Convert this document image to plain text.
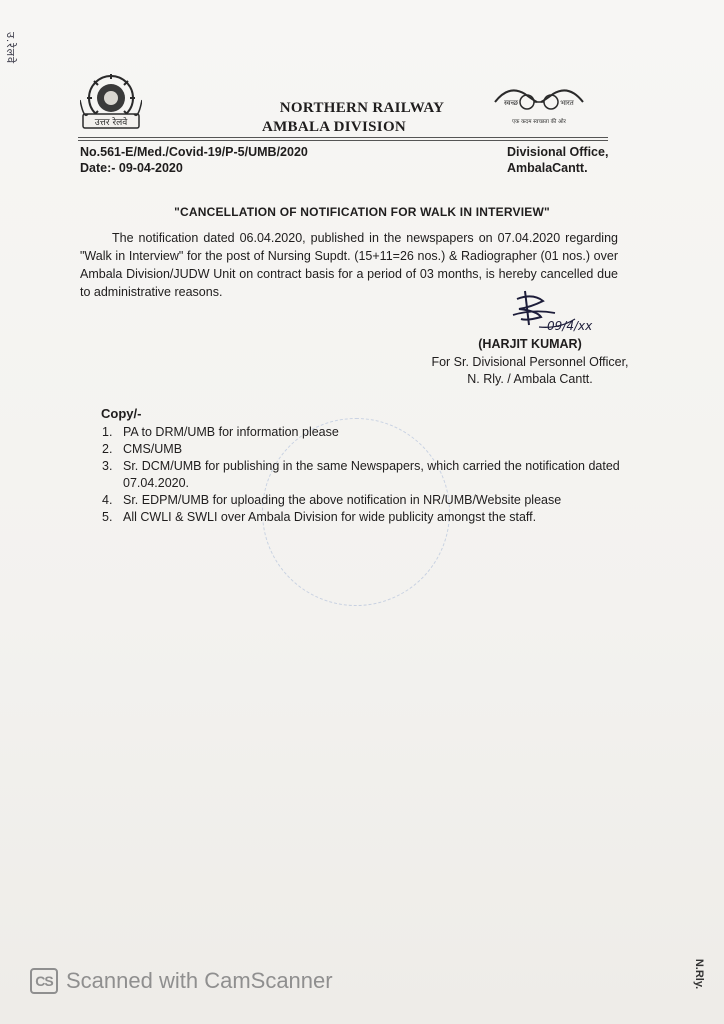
उ.रेलवे
उत्तर रेलवे
NORTHERN RAILWAY
AMBALA DIVISION
स्वच्छ	भारत
एक कदम स्वच्छता की ओर
No.561-E/Med./Covid-19/P-5/UMB/2020
Date:- 09-04-2020
Divisional Office,
AmbalaCantt.
"CANCELLATION OF NOTIFICATION FOR WALK IN INTERVIEW"
The notification dated 06.04.2020, published in the newspapers on 07.04.2020 regarding "Walk in Interview" for the post of Nursing Supdt. (15+11=26 nos.) & Radiographer (01 nos.) over Ambala Division/JUDW Unit on contract basis for a period of 03 months, is hereby cancelled due to administrative reasons.
09/4/xx
(HARJIT KUMAR)
For Sr. Divisional Personnel Officer,
N. Rly. / Ambala Cantt.
Copy/-
1. PA to DRM/UMB for information please
2. CMS/UMB
3. Sr. DCM/UMB for publishing in the same Newspapers, which carried the notification dated 07.04.2020.
4. Sr. EDPM/UMB for uploading the above notification in NR/UMB/Website please
5. All CWLI & SWLI over Ambala Division for wide publicity amongst the staff.
CS Scanned with CamScanner	N.Rly.
